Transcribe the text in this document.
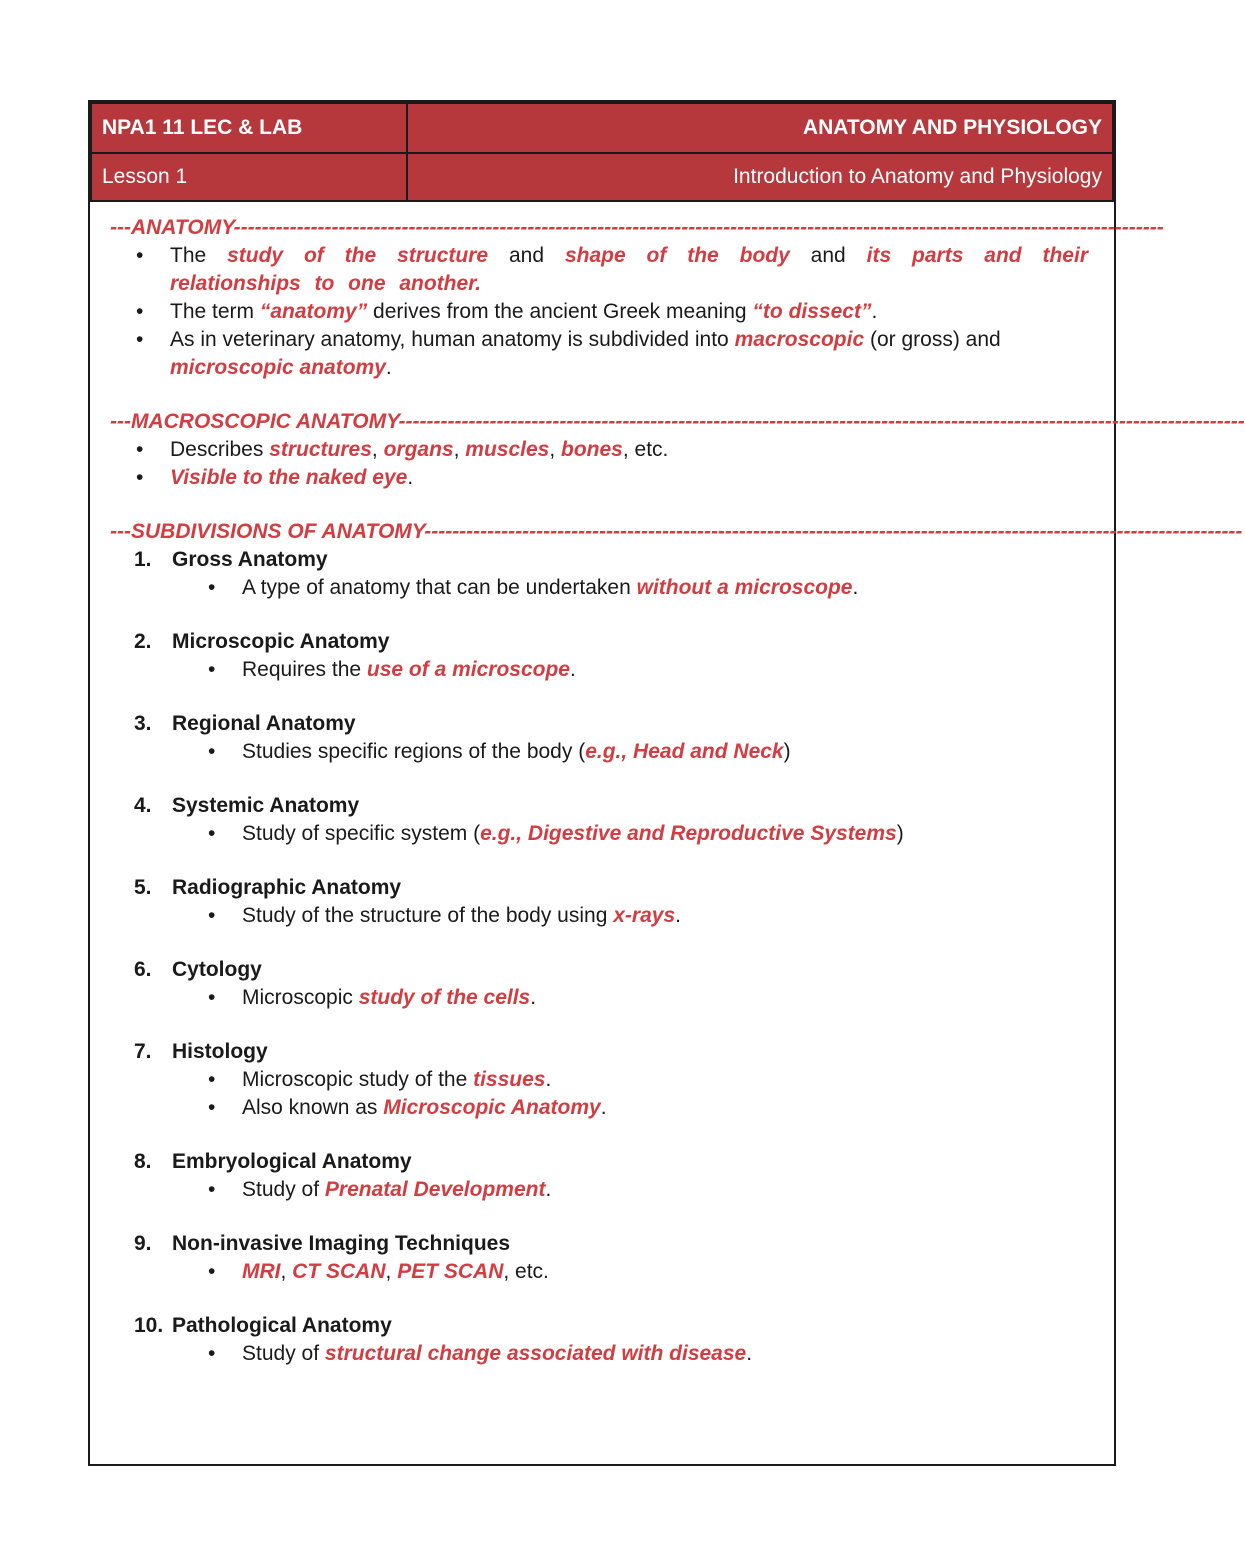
NPA1 11 LEC & LAB	ANATOMY AND PHYSIOLOGY
Lesson 1	Introduction to Anatomy and Physiology
---ANATOMY-------------------------------------------------------------------------------------------------------------------------------------
• The study of the structure and shape of the body and its parts and their relationships to one another.
• The term “anatomy” derives from the ancient Greek meaning “to dissect”.
• As in veterinary anatomy, human anatomy is subdivided into macroscopic (or gross) and microscopic anatomy.
---MACROSCOPIC ANATOMY-------------------------------------------------------------------------------------------------------------------------
• Describes structures, organs, muscles, bones, etc.
• Visible to the naked eye.
---SUBDIVISIONS OF ANATOMY---------------------------------------------------------------------------------------------------------------------
1. Gross Anatomy
• A type of anatomy that can be undertaken without a microscope.
2. Microscopic Anatomy
• Requires the use of a microscope.
3. Regional Anatomy
• Studies specific regions of the body (e.g., Head and Neck)
4. Systemic Anatomy
• Study of specific system (e.g., Digestive and Reproductive Systems)
5. Radiographic Anatomy
• Study of the structure of the body using x-rays.
6. Cytology
• Microscopic study of the cells.
7. Histology
• Microscopic study of the tissues.
• Also known as Microscopic Anatomy.
8. Embryological Anatomy
• Study of Prenatal Development.
9. Non-invasive Imaging Techniques
• MRI, CT SCAN, PET SCAN, etc.
10. Pathological Anatomy
• Study of structural change associated with disease.
